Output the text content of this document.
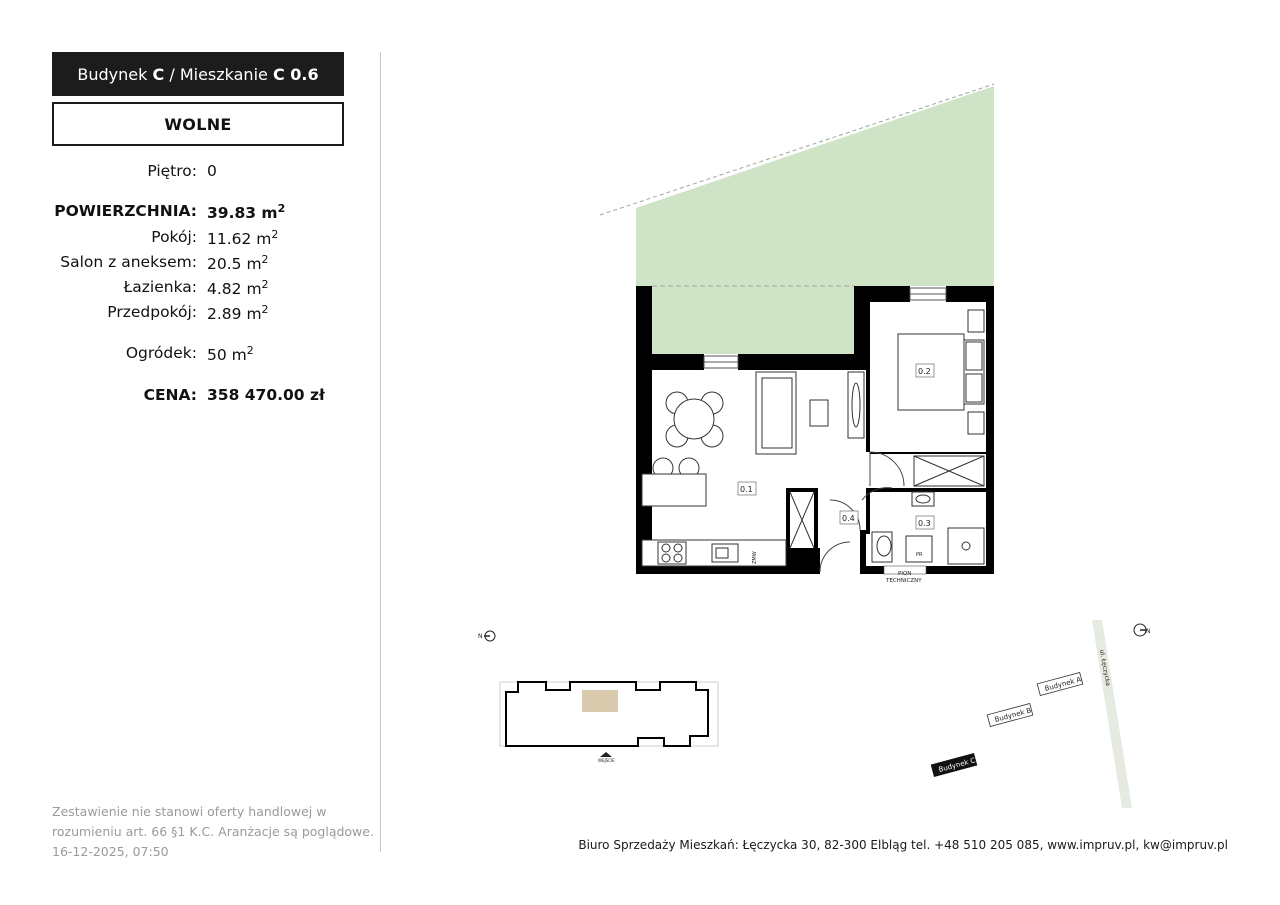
Budynek
C
/
Mieszkanie
C 0.6
WOLNE
Piętro: 0
POWIERZCHNIA: 39.83 $m^2$
Pokój: 11.62 $m^2$
Salon z aneksem: 20.5 $m^2$
Łazienka: 4.82 $m^2$
Przedpokój: 2.89 $m^2$
Ogródek: 50 $m^2$
CENA: 358 470.00 zł
Zestawienie nie stanowi oferty handlowej w rozumieniu art. 66 §1 K.C. Aranżacje są poglądowe. 16-12-2025, 07:50	Biuro Sprzedaży Mieszkań: Łęczycka 30, 82-300 Elbląg tel. +48 510 205 085, www.impruv.pl, kw@impruv.pl
ZMW	PR
0.1
0.2
0.3
0.4
PION
TECHNICZNY
N
WEJŚCIE
ul. Łęczycka
N
Budynek A
Budynek B
Budynek C
